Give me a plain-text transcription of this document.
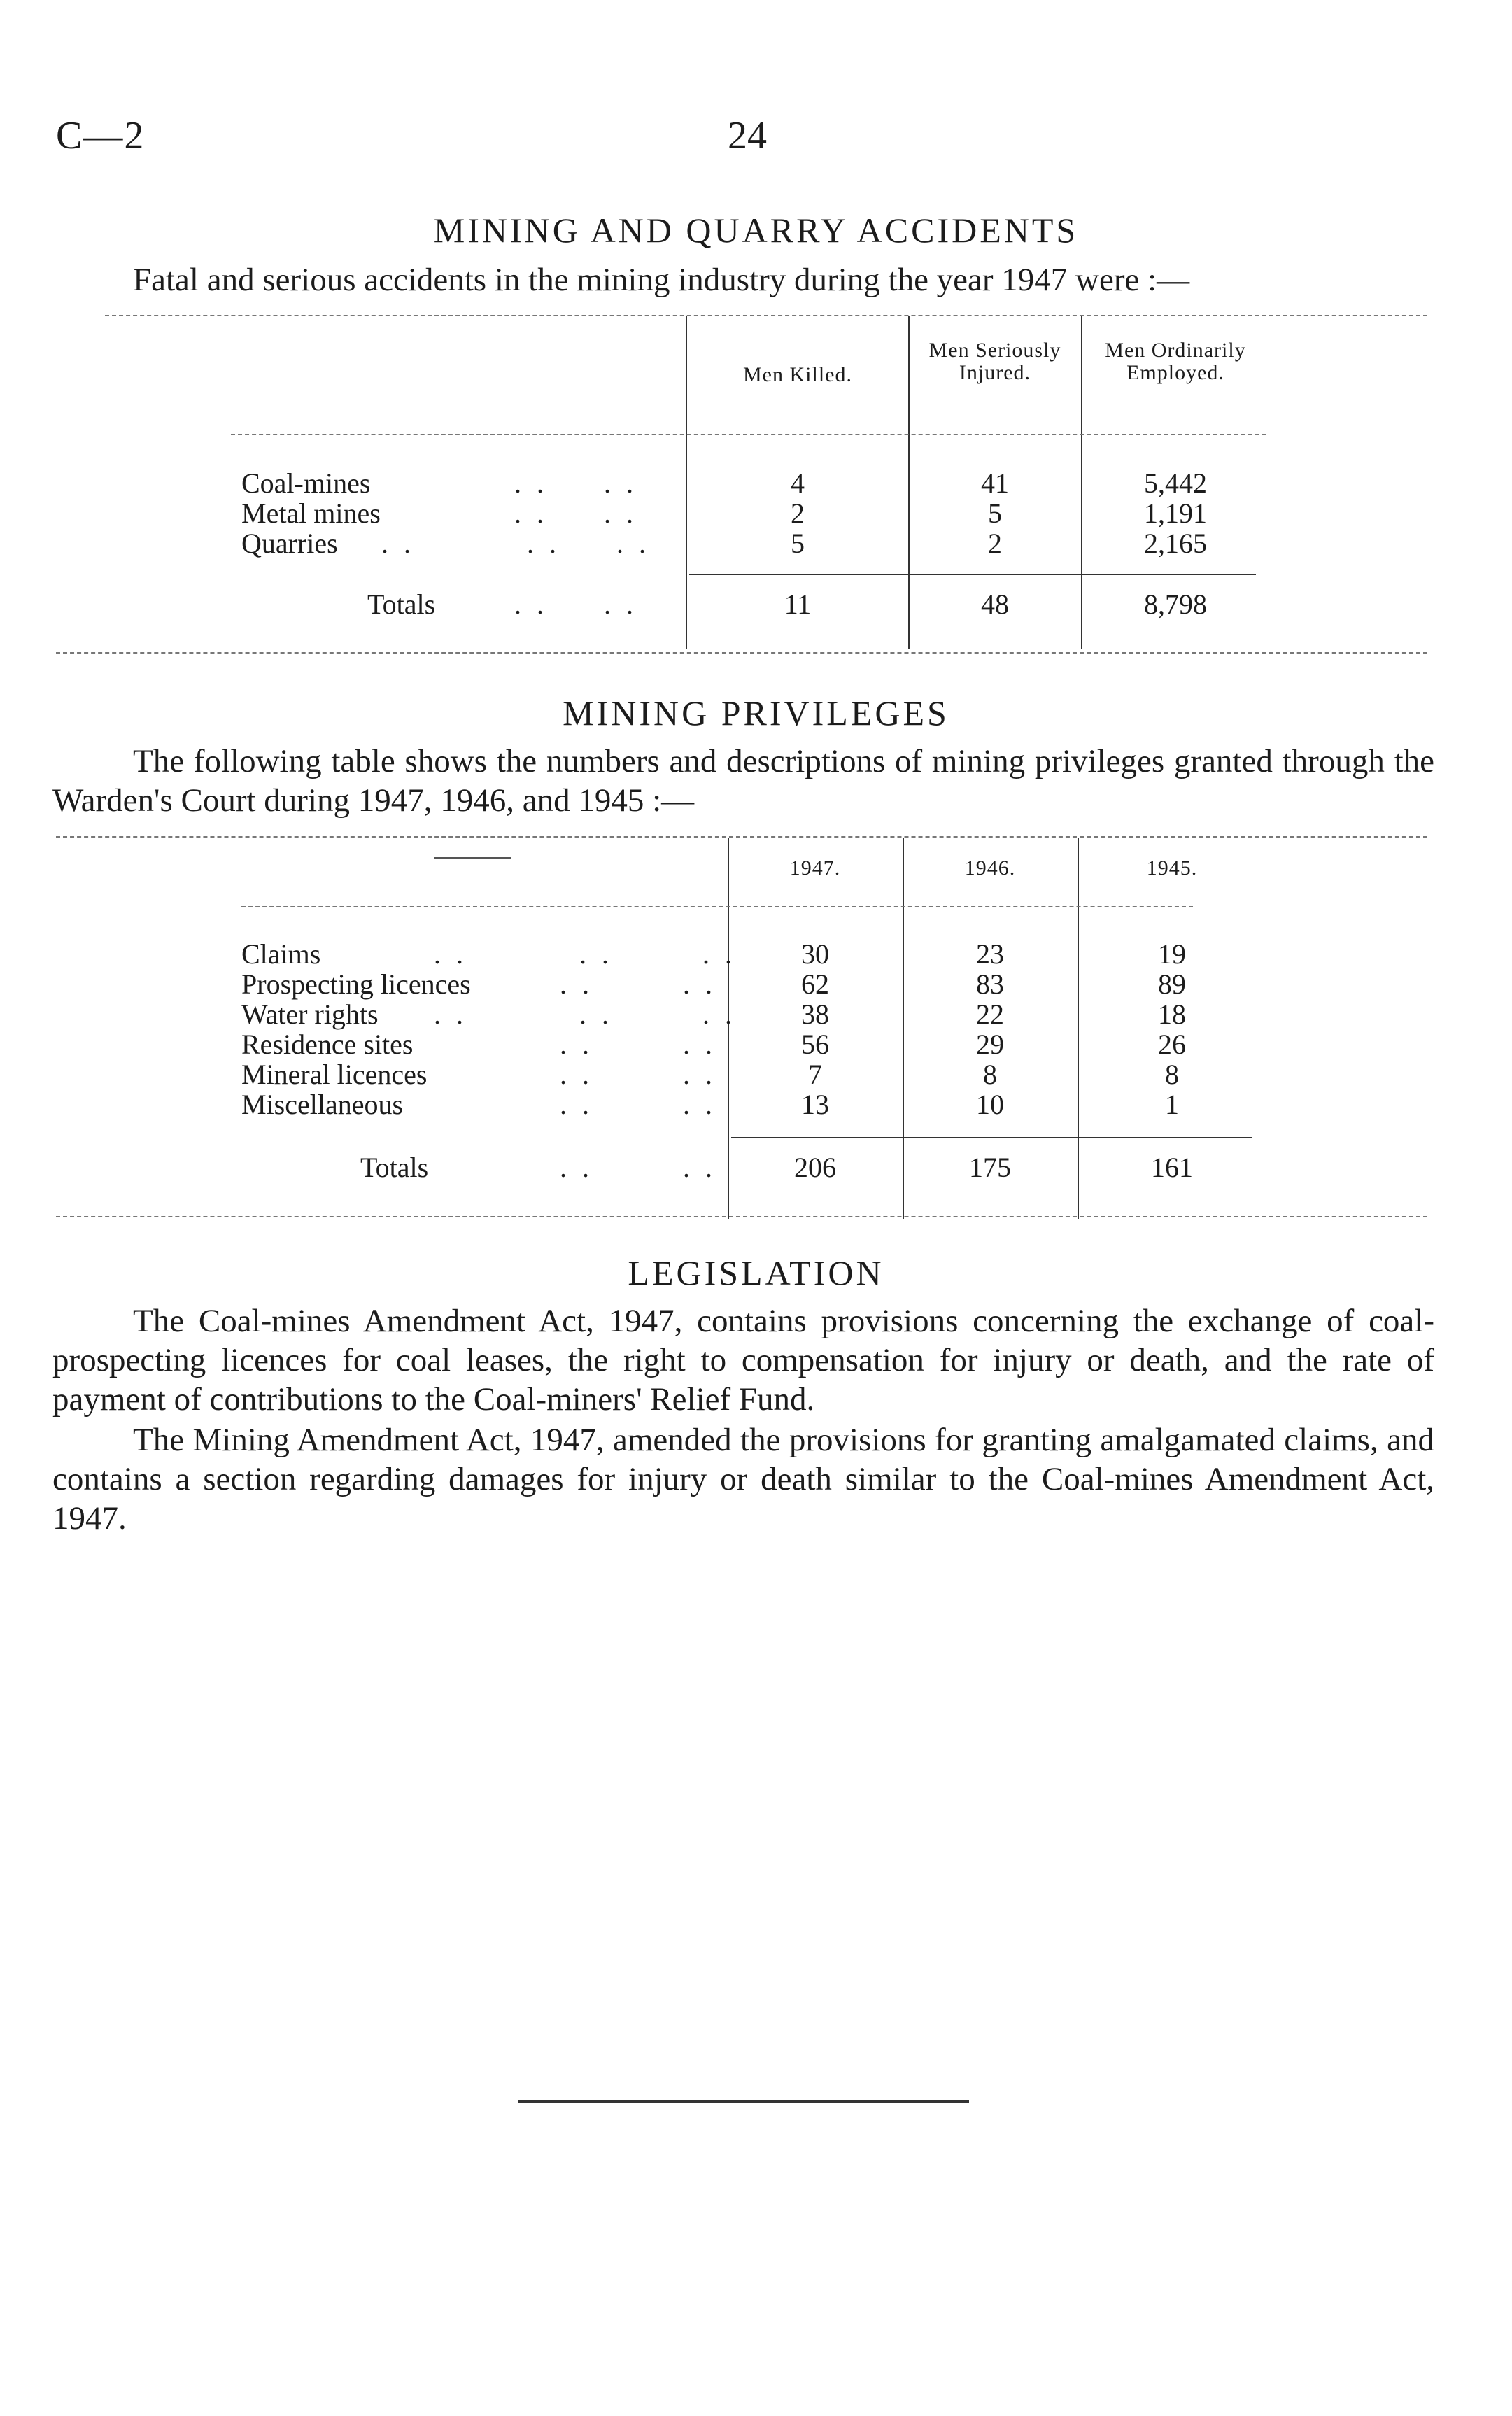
C—2	24
MINING AND QUARRY ACCIDENTS
Fatal and serious accidents in the mining industry during the year 1947 were :—
Men Killed.
Men Seriously Injured.
Men Ordinarily Employed.
Coal-mines	. .     . .	4	41	5,442
Metal mines	. .     . .	2	5	1,191
Quarries . .          . .     . .	5	2	2,165
Totals	. .     . .	11	48	8,798
MINING PRIVILEGES
The following table shows the numbers and descriptions of mining privileges granted through the Warden's Court during 1947, 1946, and 1945 :—
1947.	1946.	1945.
Claims	. .          . .        . .	30	23	19
Prospecting licences	. .        . .	62	83	89
Water rights . .          . .        . .	38	22	18
Residence sites	. .        . .	56	29	26
Mineral licences	. .        . .	7	8	8
Miscellaneous	. .        . .	13	10	1
Totals	. .        . .	206	175	161
LEGISLATION
The Coal-mines Amendment Act, 1947, contains provisions concerning the exchange of coal-prospecting licences for coal leases, the right to compensation for injury or death, and the rate of payment of contributions to the Coal-miners' Relief Fund.
The Mining Amendment Act, 1947, amended the provisions for granting amalgamated claims, and contains a section regarding damages for injury or death similar to the Coal-mines Amendment Act, 1947.
